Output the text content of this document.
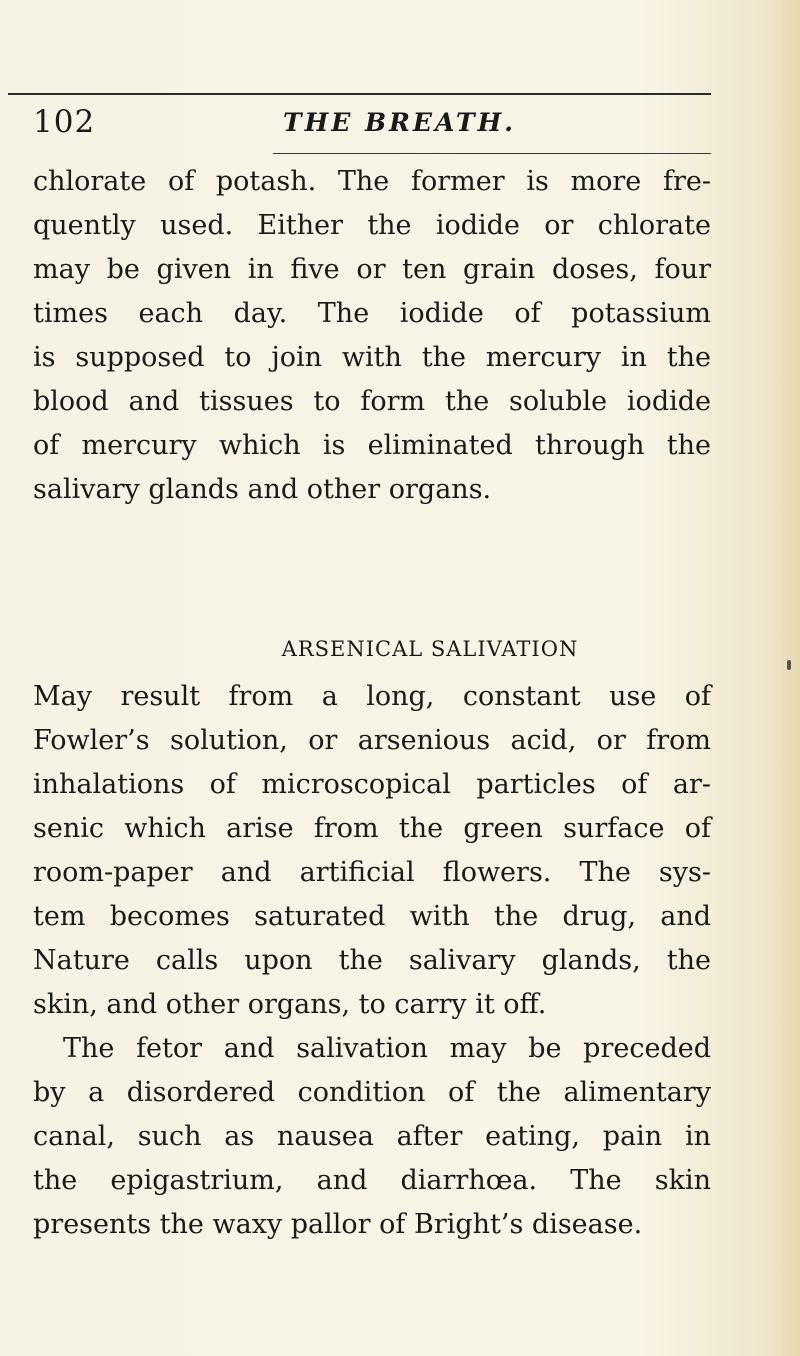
102	THE BREATH.
chlorate of potash. The former is more fre-
quently used. Either the iodide or chlorate
may be given in five or ten grain doses, four
times each day. The iodide of potassium
is supposed to join with the mercury in the
blood and tissues to form the soluble iodide
of mercury which is eliminated through the
salivary glands and other organs.
ARSENICAL SALIVATION
May result from a long, constant use of
Fowler’s solution, or arsenious acid, or from
inhalations of microscopical particles of ar-
senic which arise from the green surface of
room-paper and artificial flowers. The sys-
tem becomes saturated with the drug, and
Nature calls upon the salivary glands, the
skin, and other organs, to carry it off.
The fetor and salivation may be preceded
by a disordered condition of the alimentary
canal, such as nausea after eating, pain in
the epigastrium, and diarrhœa. The skin
presents the waxy pallor of Bright’s disease.
